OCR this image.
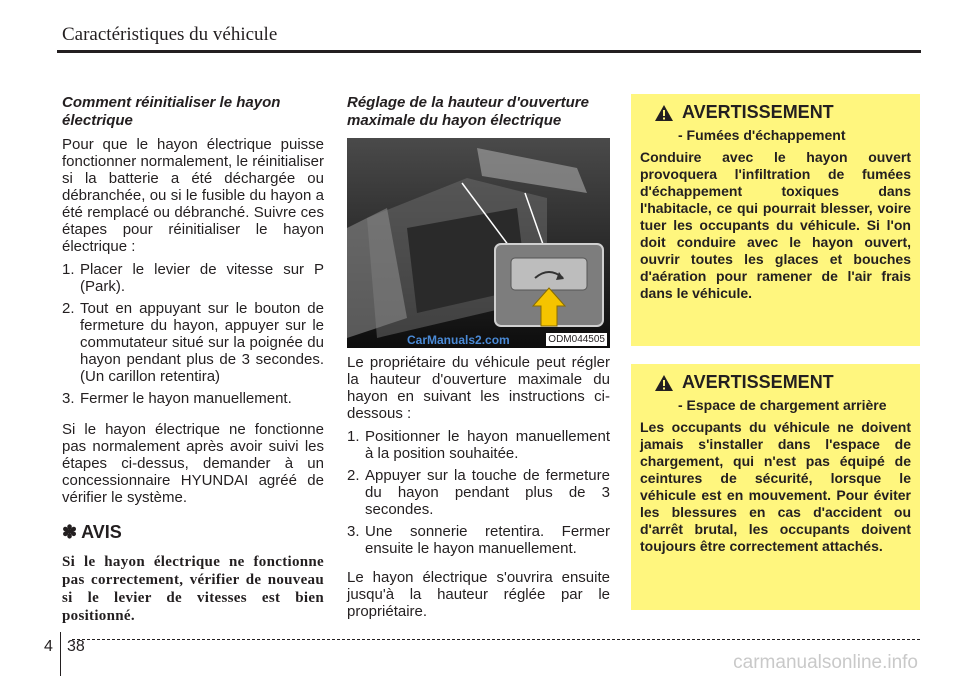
Caractéristiques du véhicule
Comment réinitialiser le hayon électrique

Pour que le hayon électrique puisse fonctionner normalement, le réinitialiser si la batterie a été déchargée ou débranchée, ou si le fusible du hayon a été remplacé ou débranché. Suivre ces étapes pour réinitialiser le hayon électrique :

1. Placer le levier de vitesse sur P (Park).
2. Tout en appuyant sur le bouton de fermeture du hayon, appuyer sur le commutateur situé sur la poignée du hayon pendant plus de 3 secondes. (Un carillon retentira)
3. Fermer le hayon manuellement.

Si le hayon électrique ne fonctionne pas normalement après avoir suivi les étapes ci-dessus, demander à un concessionnaire HYUNDAI agréé de vérifier le système.

✽ AVIS
Si le hayon électrique ne fonctionne pas correctement, vérifier de nouveau si le levier de vitesses est bien positionné.
Réglage de la hauteur d'ouverture maximale du hayon électrique
CarManuals2.com	ODM044505

Le propriétaire du véhicule peut régler la hauteur d'ouverture maximale du hayon en suivant les instructions ci-dessous :

1. Positionner le hayon manuellement à la position souhaitée.
2. Appuyer sur la touche de fermeture du hayon pendant plus de 3 secondes.
3. Une sonnerie retentira. Fermer ensuite le hayon manuellement.

Le hayon électrique s'ouvrira ensuite jusqu'à la hauteur réglée par le propriétaire.

AVERTISSEMENT
- Fumées d'échappement
Conduire avec le hayon ouvert provoquera l'infiltration de fumées d'échappement toxiques dans l'habitacle, ce qui pourrait blesser, voire tuer les occupants du véhicule. Si l'on doit conduire avec le hayon ouvert, ouvrir toutes les glaces et bouches d'aération pour ramener de l'air frais dans le véhicule.
AVERTISSEMENT
- Espace de chargement arrière
Les occupants du véhicule ne doivent jamais s'installer dans l'espace de chargement, qui n'est pas équipé de ceintures de sécurité, lorsque le véhicule est en mouvement. Pour éviter les blessures en cas d'accident ou d'arrêt brutal, les occupants doivent toujours être correctement attachés.
4 38
carmanualsonline.info
